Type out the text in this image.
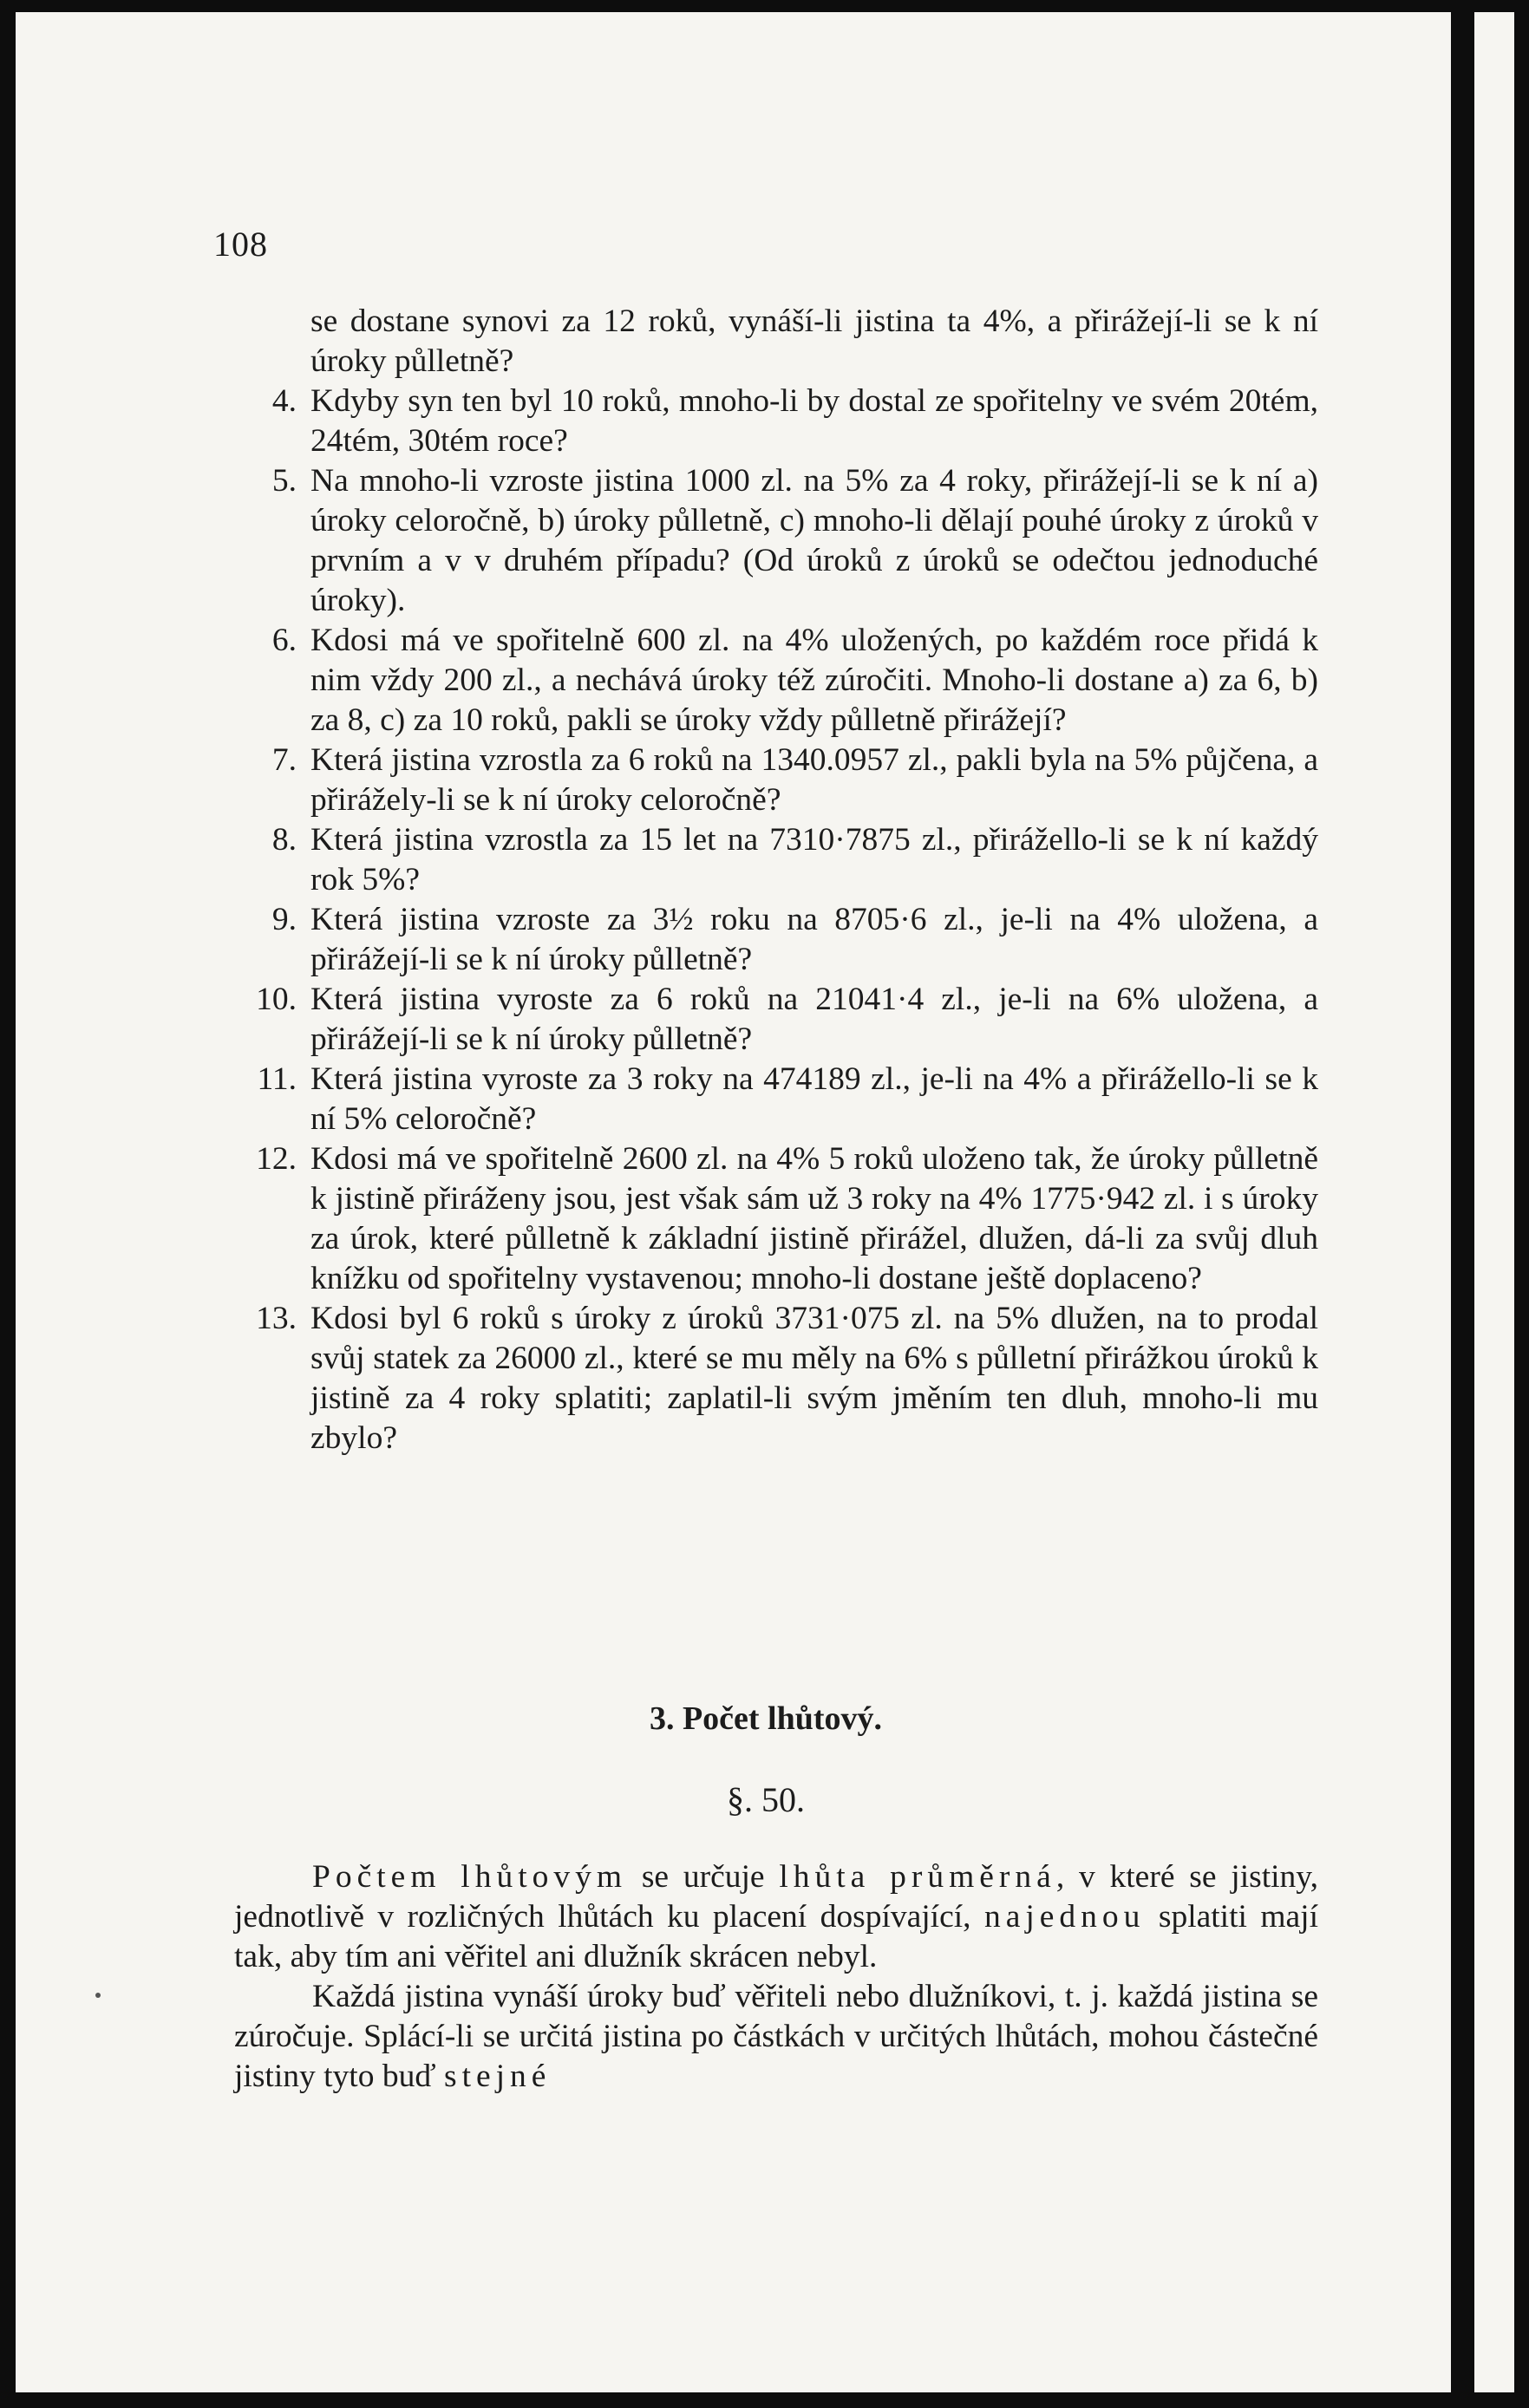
108
se dostane synovi za 12 roků, vynáší-li jistina ta 4%, a přirážejí-li se k ní úroky půlletně?
4. Kdyby syn ten byl 10 roků, mnoho-li by dostal ze spořitelny ve svém 20tém, 24tém, 30tém roce?
5. Na mnoho-li vzroste jistina 1000 zl. na 5% za 4 roky, přirážejí-li se k ní a) úroky celoročně, b) úroky půlletně, c) mnoho-li dělají pouhé úroky z úroků v prvním a v v druhém případu? (Od úroků z úroků se odečtou jednoduché úroky).
6. Kdosi má ve spořitelně 600 zl. na 4% uložených, po každém roce přidá k nim vždy 200 zl., a nechává úroky též zúročiti. Mnoho-li dostane a) za 6, b) za 8, c) za 10 roků, pakli se úroky vždy půlletně přirážejí?
7. Která jistina vzrostla za 6 roků na 1340.0957 zl., pakli byla na 5% půjčena, a přirážely-li se k ní úroky celoročně?
8. Která jistina vzrostla za 15 let na 7310·7875 zl., přirážello-li se k ní každý rok 5%?
9. Která jistina vzroste za 3½ roku na 8705·6 zl., je-li na 4% uložena, a přirážejí-li se k ní úroky půlletně?
10. Která jistina vyroste za 6 roků na 21041·4 zl., je-li na 6% uložena, a přirážejí-li se k ní úroky půlletně?
11. Která jistina vyroste za 3 roky na 474189 zl., je-li na 4% a přirážello-li se k ní 5% celoročně?
12. Kdosi má ve spořitelně 2600 zl. na 4% 5 roků uloženo tak, že úroky půlletně k jistině přiráženy jsou, jest však sám už 3 roky na 4% 1775·942 zl. i s úroky za úrok, které půlletně k základní jistině přirážel, dlužen, dá-li za svůj dluh knížku od spořitelny vystavenou; mnoho-li dostane ještě doplaceno?
13. Kdosi byl 6 roků s úroky z úroků 3731·075 zl. na 5% dlužen, na to prodal svůj statek za 26000 zl., které se mu měly na 6% s půlletní přirážkou úroků k jistině za 4 roky splatiti; zaplatil-li svým jměním ten dluh, mnoho-li mu zbylo?
3. Počet lhůtový.
§. 50.

Počtem lhůtovým se určuje lhůta průměrná, v které se jistiny, jednotlivě v rozličných lhůtách ku placení dospívající, najednou splatiti mají tak, aby tím ani věřitel ani dlužník skrácen nebyl.

Každá jistina vynáší úroky buď věřiteli nebo dlužníkovi, t. j. každá jistina se zúročuje. Splácí-li se určitá jistina po částkách v určitých lhůtách, mohou částečné jistiny tyto buď stejné
